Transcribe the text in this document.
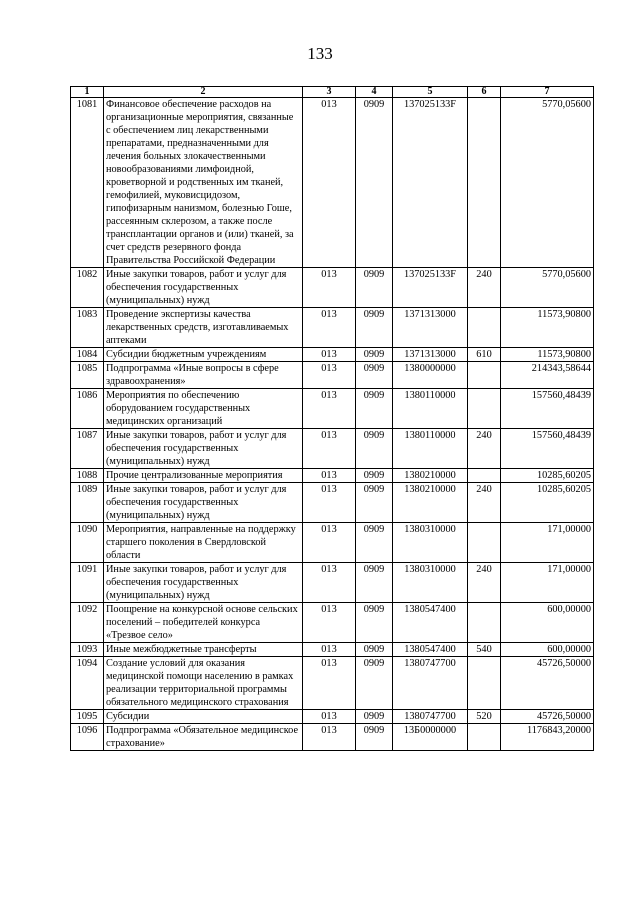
133
1	2	3	4	5	6	7
1081	Финансовое обеспечение расходов на организационные мероприятия, связанные с обеспечением лиц лекарственными препаратами, предназначенными для лечения больных злокачественными новообразованиями лимфоидной, кроветворной и родственных им тканей, гемофилией, муковисцидозом, гипофизарным нанизмом, болезнью Гоше, рассеянным склерозом, а также после трансплантации органов и (или) тканей, за счет средств резервного фонда Правительства Российской Федерации	013	0909	137025133F		5770,05600
1082	Иные закупки товаров, работ и услуг для обеспечения государственных (муниципальных) нужд	013	0909	137025133F	240	5770,05600
1083	Проведение экспертизы качества лекарственных средств, изготавливаемых аптеками	013	0909	1371313000		11573,90800
1084	Субсидии бюджетным учреждениям	013	0909	1371313000	610	11573,90800
1085	Подпрограмма «Иные вопросы в сфере здравоохранения»	013	0909	1380000000		214343,58644
1086	Мероприятия по обеспечению оборудованием государственных медицинских организаций	013	0909	1380110000		157560,48439
1087	Иные закупки товаров, работ и услуг для обеспечения государственных (муниципальных) нужд	013	0909	1380110000	240	157560,48439
1088	Прочие централизованные мероприятия	013	0909	1380210000		10285,60205
1089	Иные закупки товаров, работ и услуг для обеспечения государственных (муниципальных) нужд	013	0909	1380210000	240	10285,60205
1090	Мероприятия, направленные на поддержку старшего поколения в Свердловской области	013	0909	1380310000		171,00000
1091	Иные закупки товаров, работ и услуг для обеспечения государственных (муниципальных) нужд	013	0909	1380310000	240	171,00000
1092	Поощрение на конкурсной основе сельских поселений – победителей конкурса «Трезвое село»	013	0909	1380547400		600,00000
1093	Иные межбюджетные трансферты	013	0909	1380547400	540	600,00000
1094	Создание условий для оказания медицинской помощи населению в рамках реализации территориальной программы обязательного медицинского страхования	013	0909	1380747700		45726,50000
1095	Субсидии	013	0909	1380747700	520	45726,50000
1096	Подпрограмма «Обязательное медицинское страхование»	013	0909	13Б0000000		1176843,20000
